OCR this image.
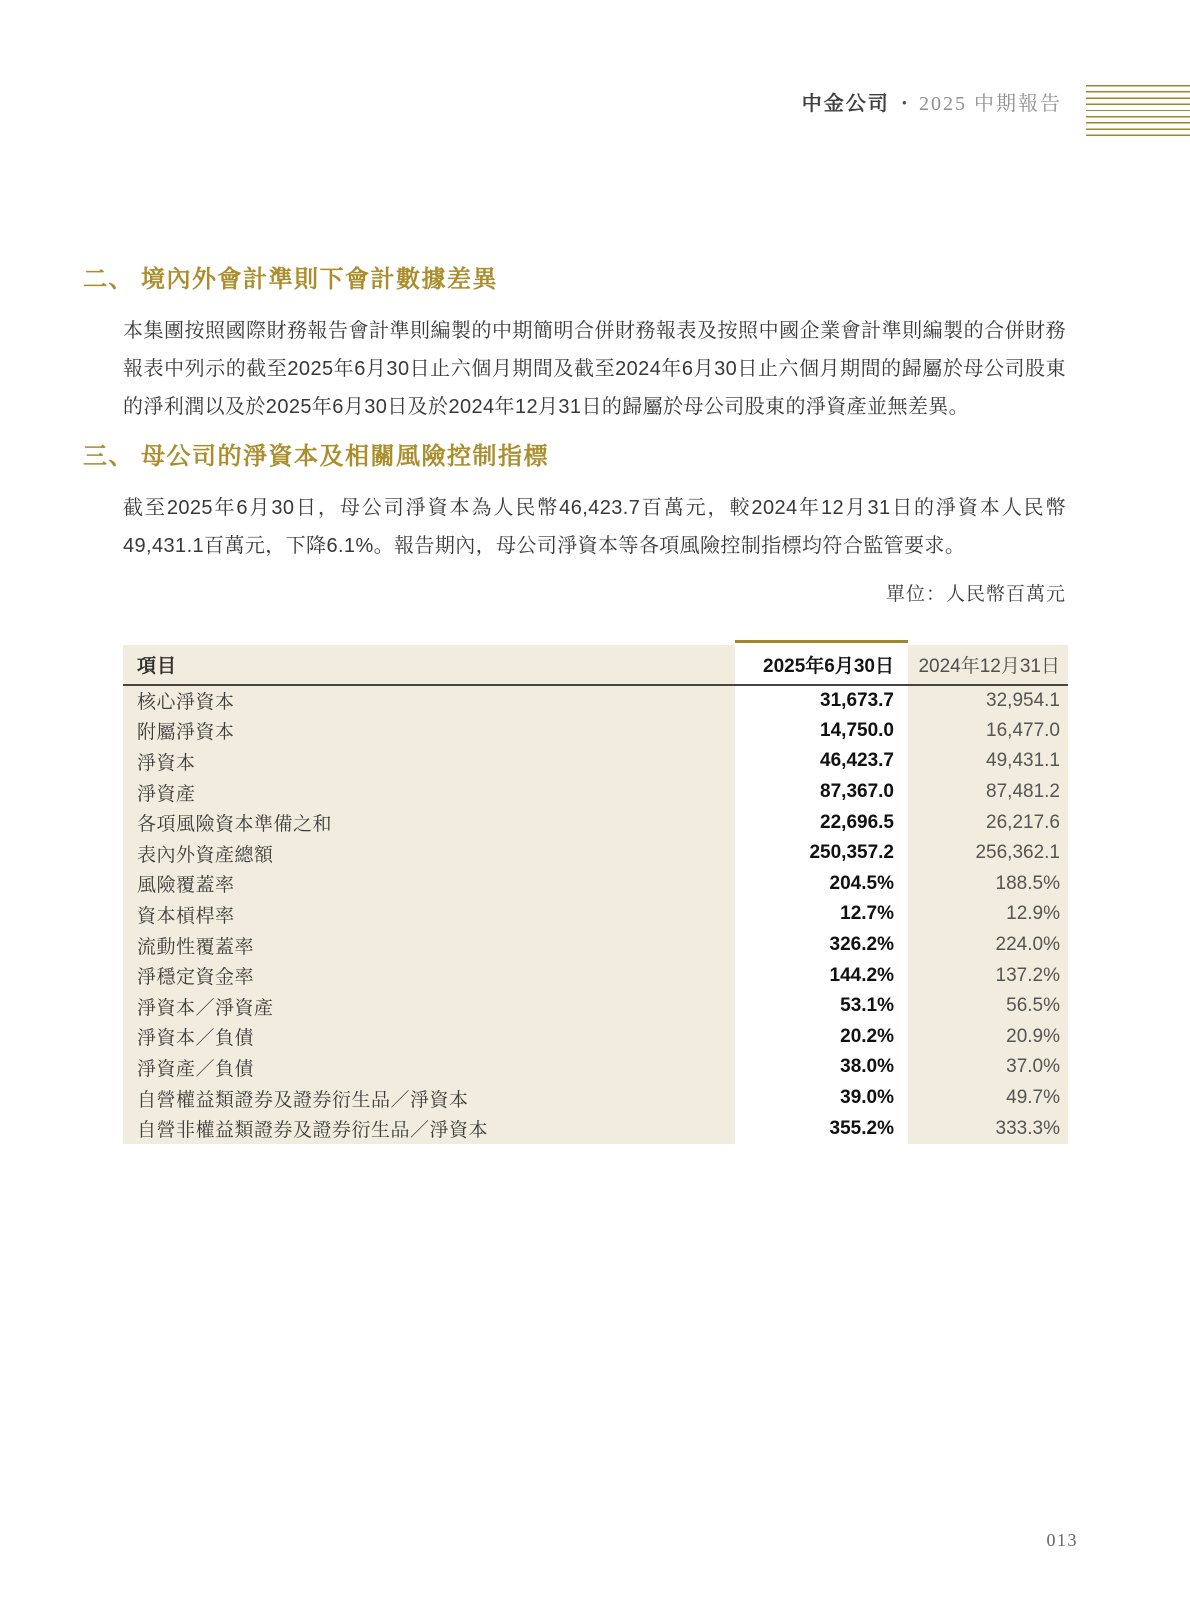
中金公司 • 2025 中期報告
二、 境內外會計準則下會計數據差異

本集團按照國際財務報告會計準則編製的中期簡明合併財務報表及按照中國企業會計準則編製的合併財務報表中列示的截至2025年6月30日止六個月期間及截至2024年6月30日止六個月期間的歸屬於母公司股東的淨利潤以及於2025年6月30日及於2024年12月31日的歸屬於母公司股東的淨資產並無差異。

三、 母公司的淨資本及相關風險控制指標

截至2025年6月30日，母公司淨資本為人民幣46,423.7百萬元，較2024年12月31日的淨資本人民幣49,431.1百萬元，下降6.1%。報告期內，母公司淨資本等各項風險控制指標均符合監管要求。

單位：人民幣百萬元
項目	2025年6月30日	2024年12月31日
核心淨資本	31,673.7	32,954.1
附屬淨資本	14,750.0	16,477.0
淨資本	46,423.7	49,431.1
淨資產	87,367.0	87,481.2
各項風險資本準備之和	22,696.5	26,217.6
表內外資產總額	250,357.2	256,362.1
風險覆蓋率	204.5%	188.5%
資本槓桿率	12.7%	12.9%
流動性覆蓋率	326.2%	224.0%
淨穩定資金率	144.2%	137.2%
淨資本／淨資產	53.1%	56.5%
淨資本／負債	20.2%	20.9%
淨資產／負債	38.0%	37.0%
自營權益類證券及證券衍生品／淨資本	39.0%	49.7%
自營非權益類證券及證券衍生品／淨資本	355.2%	333.3%
013
